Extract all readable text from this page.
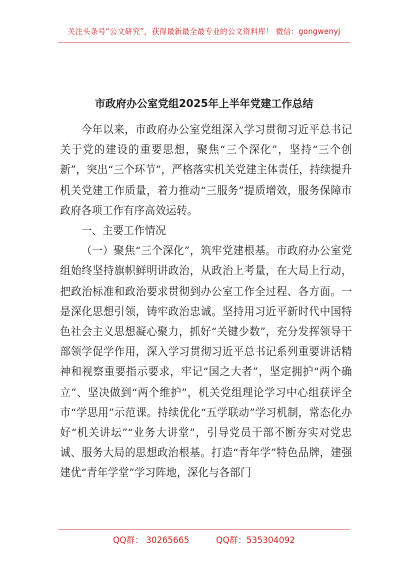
关注头条号“公文研究”，获得最新最全最专业的公文资料库！ 微信：gongwenyj
市政府办公室党组2025年上半年党建工作总结

今年以来，市政府办公室党组深入学习贯彻习近平总书记关于党的建设的重要思想，聚焦“三个深化”，坚持“三个创新”，突出“三个环节”，严格落实机关党建主体责任，持续提升机关党建工作质量，着力推动“三服务”提质增效，服务保障市政府各项工作有序高效运转。

一、主要工作情况

（一）聚焦“三个深化”，筑牢党建根基。市政府办公室党组始终坚持旗帜鲜明讲政治，从政治上考量，在大局上行动，把政治标准和政治要求贯彻到办公室工作全过程、各方面。一是深化思想引领，铸牢政治忠诚。坚持用习近平新时代中国特色社会主义思想凝心聚力，抓好“关键少数”，充分发挥领导干部领学促学作用，深入学习贯彻习近平总书记系列重要讲话精神和视察重要指示要求，牢记“国之大者”，坚定拥护“两个确立”、坚决做到“两个维护”，机关党组理论学习中心组获评全市“学思用”示范课。持续优化“五学联动”学习机制，常态化办好“机关讲坛”“业务大讲堂”，引导党员干部不断夯实对党忠诚、服务大局的思想政治根基。打造“青年学”特色品牌，建强建优“青年学堂”学习阵地，深化与各部门

QQ群： 30265665	QQ群：535304092
